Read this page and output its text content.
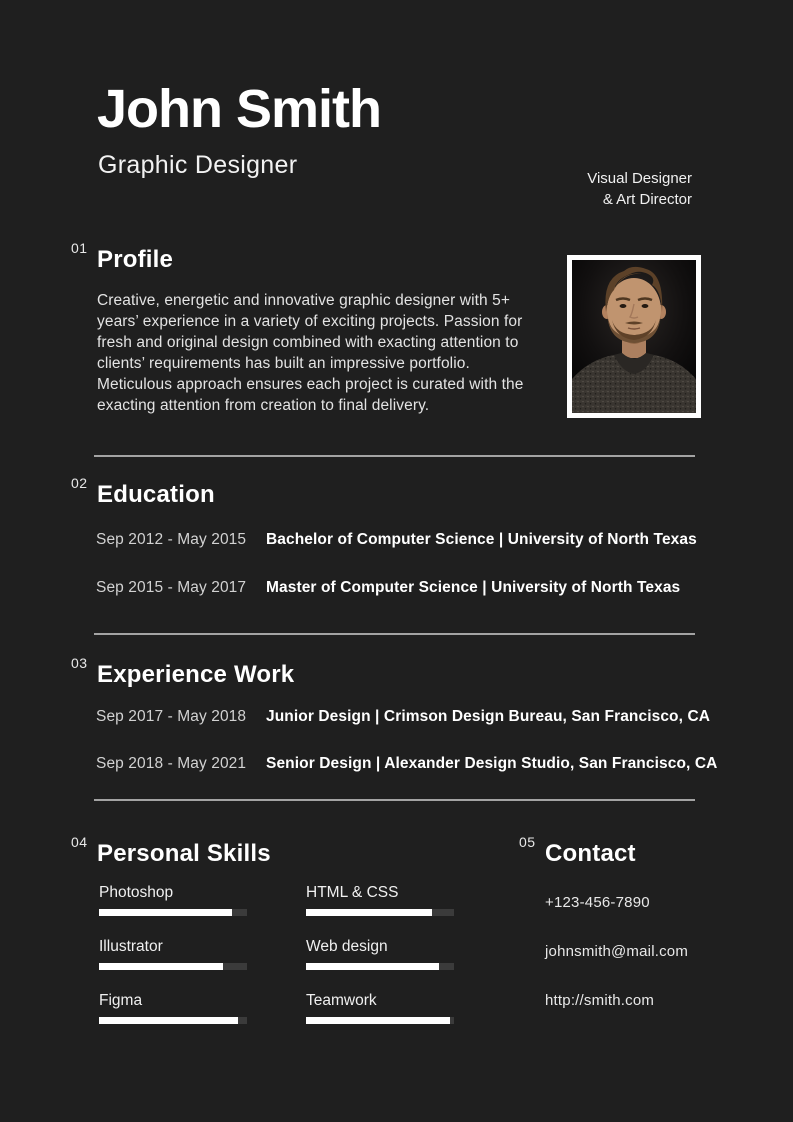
John Smith
Graphic Designer	Visual Designer
& Art Director
01 Profile
Creative, energetic and innovative graphic designer with 5+ years’ experience in a variety of exciting projects. Passion for fresh and original design combined with exacting attention to clients’ requirements has built an impressive portfolio. Meticulous approach ensures each project is curated with the exacting attention from creation to final delivery.
02 Education
Sep 2012 - May 2015	Bachelor of Computer Science | University of North Texas
Sep 2015 - May 2017	Master of Computer Science | University of North Texas
03 Experience Work
Sep 2017 - May 2018	Junior Design | Crimson Design Bureau, San Francisco, CA
Sep 2018 - May 2021	Senior Design | Alexander Design Studio, San Francisco, CA
04 Personal Skills
Photoshop	HTML & CSS
Illustrator	Web design
Figma	Teamwork
05 Contact
+123-456-7890
johnsmith@mail.com
http://smith.com
